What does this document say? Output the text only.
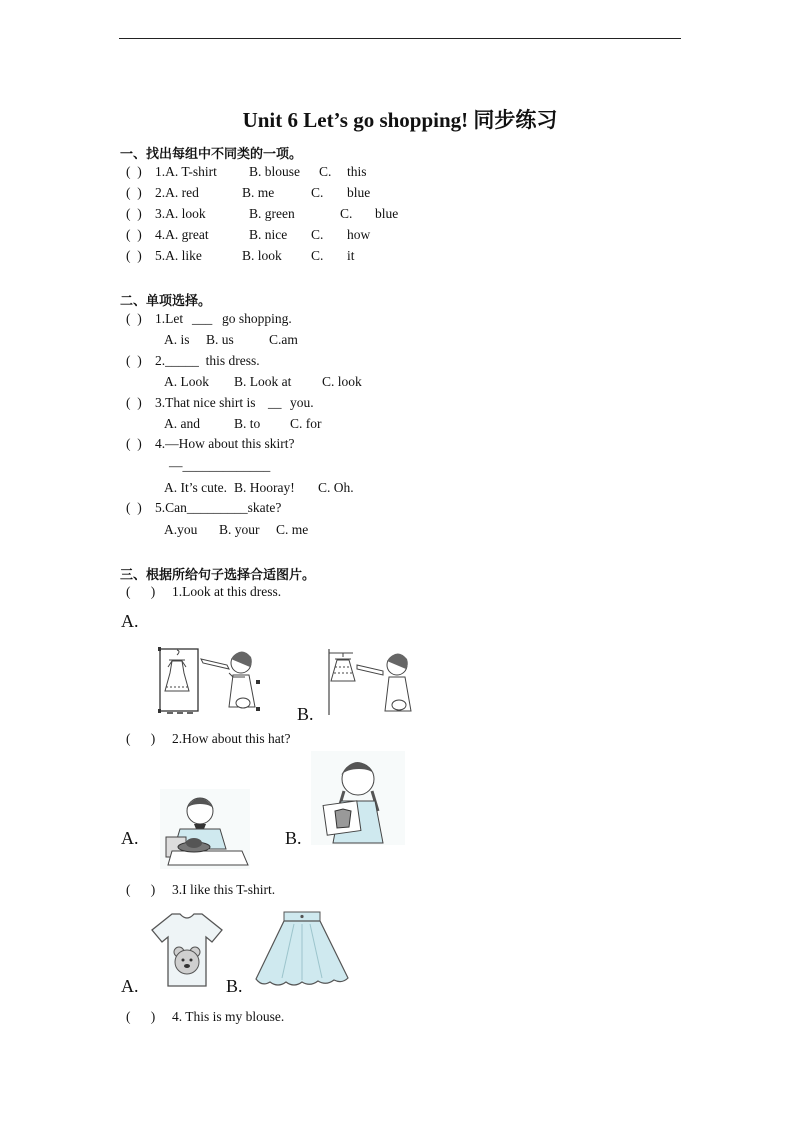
Unit 6 Let’s go shopping! 同步练习
一、找出每组中不同类的一项。
(  ) 1.A. T-shirt B. blouse C. this
(  ) 2.A. red	B. me	C. blue
(  ) 3.A. look	B. green	C. blue
(  ) 4.A. great	B. nice C. how
(  ) 5.A. like	B. look C. it
二、单项选择。
(  ) 1.Let ___ go shopping.
A. is B. us	C.am
(  ) 2._____  this dress.
A. Look B. Look at C. look
(  ) 3.That nice shirt is __ you.
A. and	B. to C. for
(  ) 4.—How about this skirt?
—_____________
A. It’s cute. B. Hooray! C. Oh.
(  ) 5.Can_________skate?
A.you B. your C. me
三、根据所给句子选择合适图片。
(      ) 1.Look at this dress.
A.
B.
(      ) 2.How about this hat?
A.	B.
(      ) 3.I like this T-shirt.
A.	B.
(      ) 4. This is my blouse.
